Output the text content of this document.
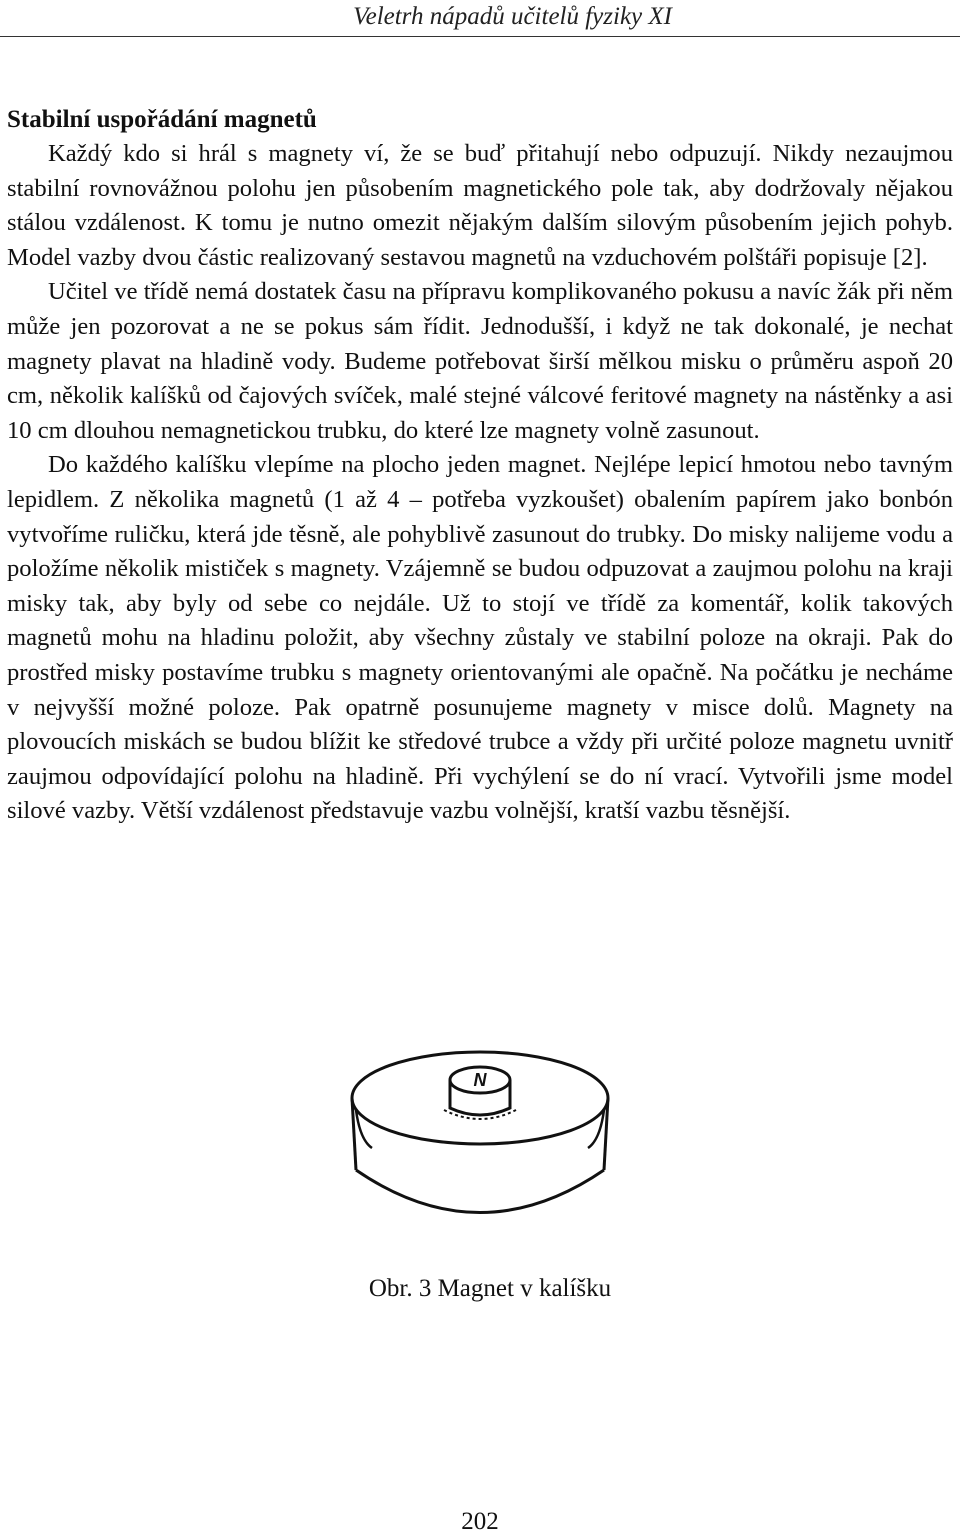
Veletrh nápadů učitelů fyziky XI
Stabilní uspořádání magnetů

Každý kdo si hrál s magnety ví, že se buď přitahují nebo odpuzují. Nikdy nezaujmou stabilní rovnovážnou polohu jen působením magnetického pole tak, aby dodržovaly nějakou stálou vzdálenost. K tomu je nutno omezit nějakým dalším silovým působením jejich pohyb. Model vazby dvou částic realizovaný sestavou magnetů na vzduchovém polštáři popisuje [2].

Učitel ve třídě nemá dostatek času na přípravu komplikovaného pokusu a navíc žák při něm může jen pozorovat a ne se pokus sám řídit. Jednodušší, i když ne tak dokonalé, je nechat magnety plavat na hladině vody. Budeme potřebovat širší mělkou misku o průměru aspoň 20 cm, několik kalíšků od čajových svíček, malé stejné válcové feritové magnety na nástěnky a asi 10 cm dlouhou nemagnetickou trubku, do které lze magnety volně zasunout.

Do každého kalíšku vlepíme na plocho jeden magnet. Nejlépe lepicí hmotou nebo tavným lepidlem. Z několika magnetů (1 až 4 – potřeba vyzkoušet) obalením papírem jako bonbón vytvoříme ruličku, která jde těsně, ale pohyblivě zasunout do trubky. Do misky nalijeme vodu a položíme několik mističek s magnety. Vzájemně se budou odpuzovat a zaujmou polohu na kraji misky tak, aby byly od sebe co nejdále. Už to stojí ve třídě za komentář, kolik takových magnetů mohu na hladinu položit, aby všechny zůstaly ve stabilní poloze na okraji. Pak do prostřed misky postavíme trubku s magnety orientovanými ale opačně. Na počátku je necháme v nejvyšší možné poloze. Pak opatrně posunujeme magnety v misce dolů. Magnety na plovoucích miskách se budou blížit ke středové trubce a vždy při určité poloze magnetu uvnitř zaujmou odpovídající polohu na hladině. Při vychýlení se do ní vrací. Vytvořili jsme model silové vazby. Větší vzdálenost představuje vazbu volnější, kratší vazbu těsnější.

N
Obr. 3 Magnet v kalíšku
202
